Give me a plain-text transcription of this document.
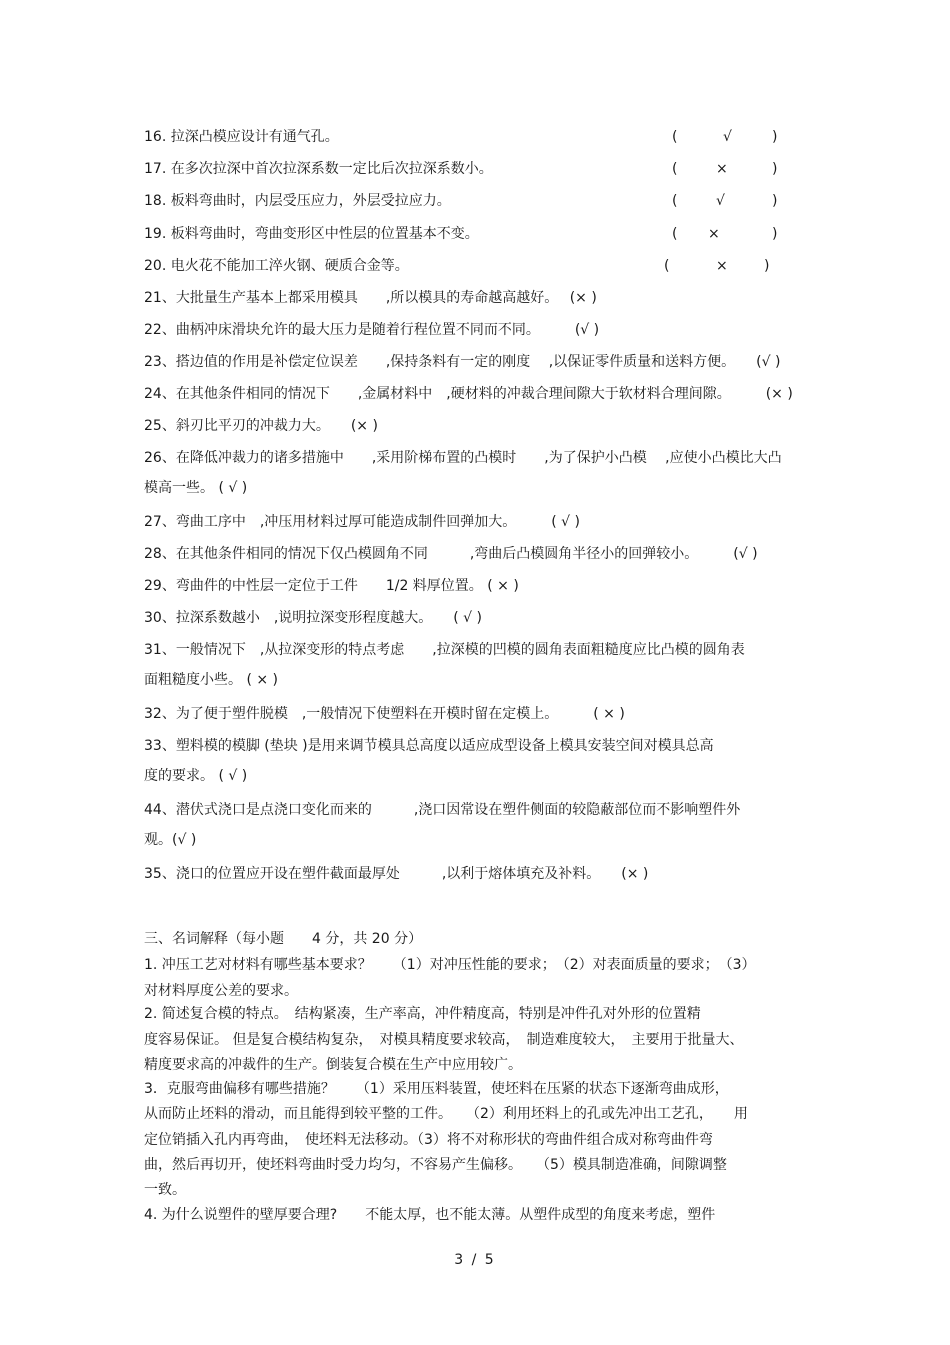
16. 拉深凸模应设计有通气孔。	(	√	)
17. 在多次拉深中首次拉深系数一定比后次拉深系数小。	(	×	)
18. 板料弯曲时，内层受压应力，外层受拉应力。	(	√	)
19. 板料弯曲时，弯曲变形区中性层的位置基本不变。	( ×	)
20. 电火花不能加工淬火钢、硬质合金等。	(	×	)
21、大批量生产基本上都采用模具　　,所以模具的寿命越高越好。　 (× )
22、曲柄冲床滑块允许的最大压力是随着行程位置不同而不同。　　　(√ )
23、搭边值的作用是补偿定位误差　　,保持条料有一定的刚度　 ,以保证零件质量和送料方便。　　(√ )
24、在其他条件相同的情况下　　,金属材料中　,硬材料的冲裁合理间隙大于软材料合理间隙。　　　(× )
25、斜刃比平刃的冲裁力大。　　(× )
26、在降低冲裁力的诸多措施中　　,采用阶梯布置的凸模时　　,为了保护小凸模　 ,应使小凸模比大凸
模高一些。 ( √ )
27、弯曲工序中　,冲压用材料过厚可能造成制件回弹加大。　　　( √ )
28、在其他条件相同的情况下仅凸模圆角不同　　　,弯曲后凸模圆角半径小的回弹较小。　　　(√ )
29、弯曲件的中性层一定位于工件　　1/2 料厚位置。 ( × )
30、拉深系数越小　,说明拉深变形程度越大。　　( √ )
31、一般情况下　,从拉深变形的特点考虑　　,拉深模的凹模的圆角表面粗糙度应比凸模的圆角表
面粗糙度小些。 ( × )
32、为了便于塑件脱模　,一般情况下使塑料在开模时留在定模上。　　　( × )
33、塑料模的模脚 (垫块 )是用来调节模具总高度以适应成型设备上模具安装空间对模具总高
度的要求。 ( √ )
44、潜伏式浇口是点浇口变化而来的　　　,浇口因常设在塑件侧面的较隐蔽部位而不影响塑件外
观。(√ )
35、浇口的位置应开设在塑件截面最厚处　　　,以利于熔体填充及补料。　　(× )
三、名词解释（每小题　　4 分，共 20 分）
1. 冲压工艺对材料有哪些基本要求？　　（1）对冲压性能的要求；　（2）对表面质量的要求；　（3）
对材料厚度公差的要求。
2. 简述复合模的特点。　结构紧凑，生产率高，冲件精度高，特别是冲件孔对外形的位置精
度容易保证。 但是复合模结构复杂，　对模具精度要求较高，　制造难度较大，　主要用于批量大、
精度要求高的冲裁件的生产。倒装复合模在生产中应用较广。
3．克服弯曲偏移有哪些措施？　　（1）采用压料装置，使坯料在压紧的状态下逐渐弯曲成形，
从而防止坯料的滑动，而且能得到较平整的工件。　　（2）利用坯料上的孔或先冲出工艺孔，　　用
定位销插入孔内再弯曲，　使坯料无法移动。（3）将不对称形状的弯曲件组合成对称弯曲件弯
曲，然后再切开，使坯料弯曲时受力均匀，不容易产生偏移。　　（5）模具制造准确，间隙调整
一致。
4. 为什么说塑件的壁厚要合理?　　不能太厚，也不能太薄。从塑件成型的角度来考虑，塑件
3 / 5
